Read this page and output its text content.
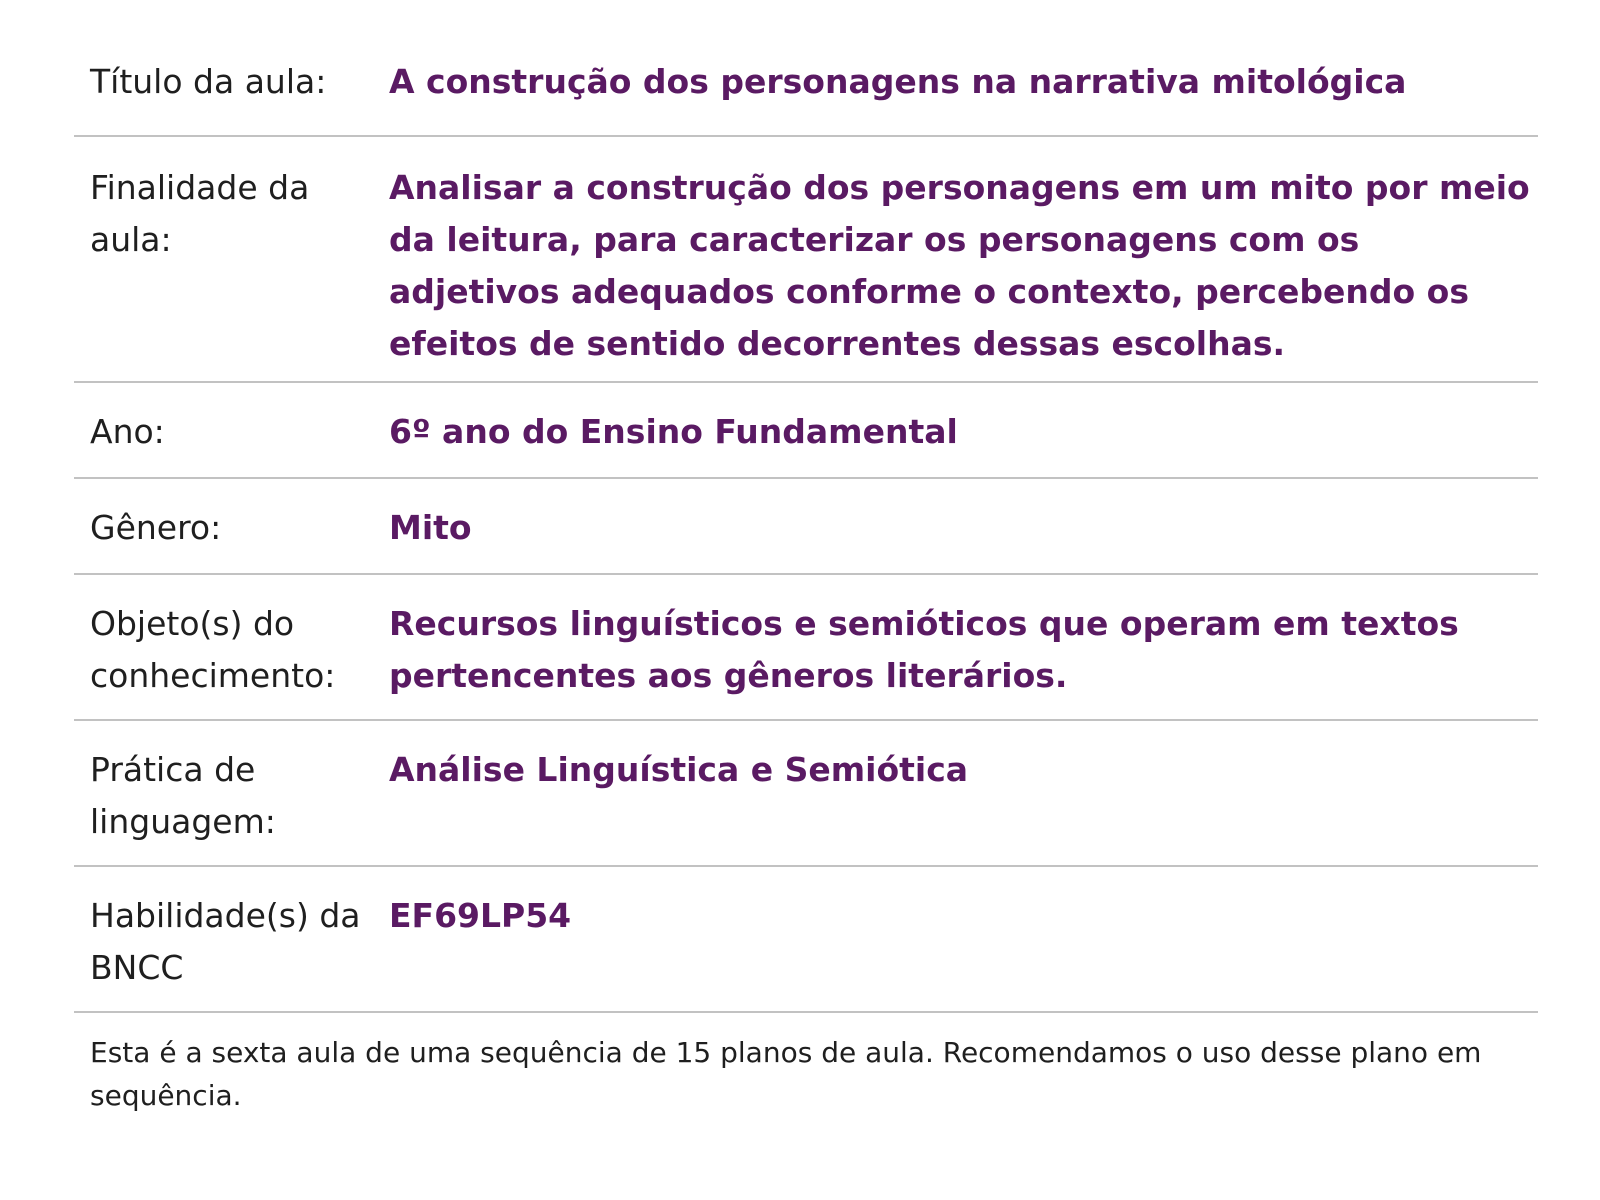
Título da aula:	A construção dos personagens na narrativa mitológica
Finalidade da aula:	Analisar a construção dos personagens em um mito por meio da leitura, para caracterizar os personagens com os adjetivos adequados conforme o contexto, percebendo os efeitos de sentido decorrentes dessas escolhas.
Ano:	6º ano do Ensino Fundamental
Gênero:	Mito
Objeto(s) do conhecimento:	Recursos linguísticos e semióticos que operam em textos pertencentes aos gêneros literários.
Prática de linguagem:	Análise Linguística e Semiótica
Habilidade(s) da BNCC	EF69LP54
Esta é a sexta aula de uma sequência de 15 planos de aula. Recomendamos o uso desse plano em sequência.
